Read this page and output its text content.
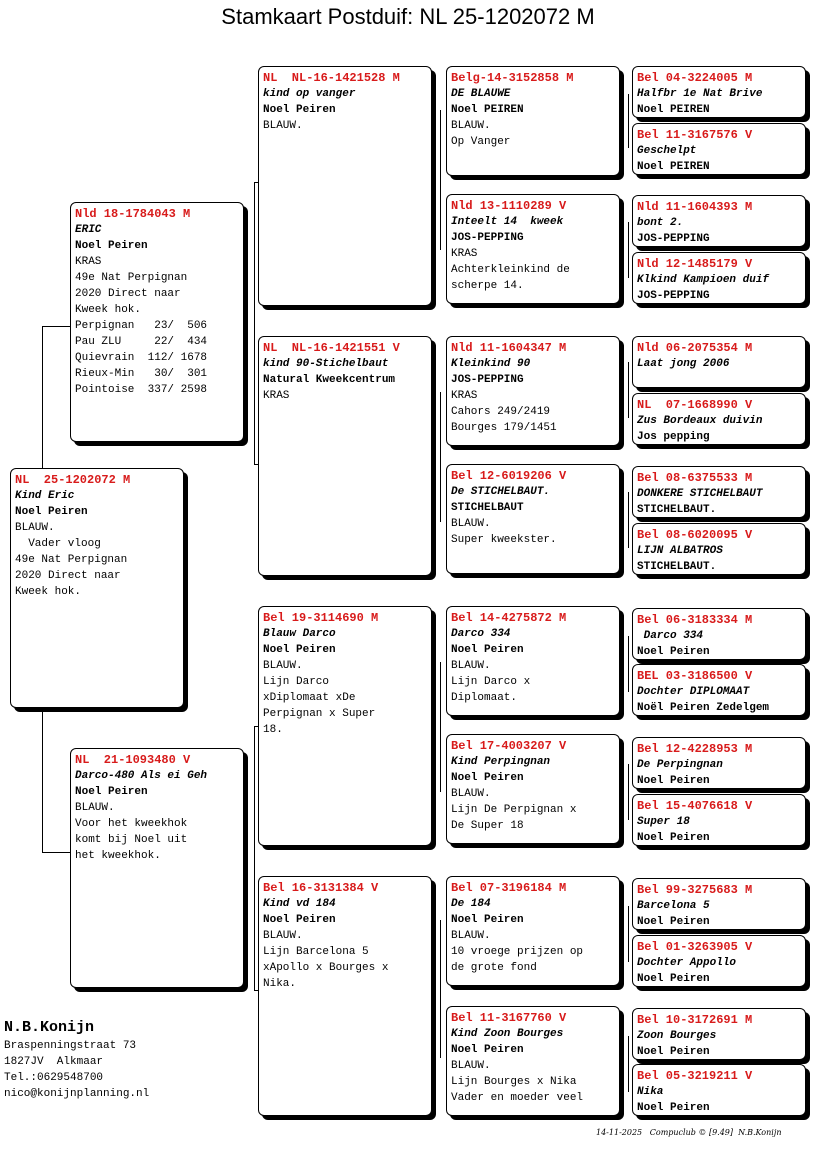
Stamkaart Postduif: NL 25-1202072 M
NL  25-1202072 M
Kind Eric
Noel Peiren
BLAUW.
Vader vloog
49e Nat Perpignan
2020 Direct naar
Kweek hok.
Nld 18-1784043 M
ERIC
Noel Peiren
KRAS
49e Nat Perpignan
2020 Direct naar
Kweek hok.
Perpignan   23/  506
Pau ZLU     22/  434
Quievrain  112/ 1678
Rieux-Min   30/  301
Pointoise  337/ 2598
NL  21-1093480 V
Darco-480 Als ei Geh
Noel Peiren
BLAUW.
Voor het kweekhok
komt bij Noel uit
het kweekhok.
NL  NL-16-1421528 M
kind op vanger
Noel Peiren
BLAUW.
NL  NL-16-1421551 V
kind 90-Stichelbaut
Natural Kweekcentrum
KRAS
Bel 19-3114690 M
Blauw Darco
Noel Peiren
BLAUW.
Lijn Darco
xDiplomaat xDe
Perpignan x Super
18.
Bel 16-3131384 V
Kind vd 184
Noel Peiren
BLAUW.
Lijn Barcelona 5
xApollo x Bourges x
Nika.
Belg-14-3152858 M
DE BLAUWE
Noel PEIREN
BLAUW.
Op Vanger
Nld 13-1110289 V
Inteelt 14  kweek
JOS-PEPPING
KRAS
Achterkleinkind de
scherpe 14.
Nld 11-1604347 M
Kleinkind 90
JOS-PEPPING
KRAS
Cahors 249/2419
Bourges 179/1451
Bel 12-6019206 V
De STICHELBAUT.
STICHELBAUT
BLAUW.
Super kweekster.
Bel 14-4275872 M
Darco 334
Noel Peiren
BLAUW.
Lijn Darco x
Diplomaat.
Bel 17-4003207 V
Kind Perpingnan
Noel Peiren
BLAUW.
Lijn De Perpignan x
De Super 18
Bel 07-3196184 M
De 184
Noel Peiren
BLAUW.
10 vroege prijzen op
de grote fond
Bel 11-3167760 V
Kind Zoon Bourges
Noel Peiren
BLAUW.
Lijn Bourges x Nika
Vader en moeder veel
Bel 04-3224005 M
Halfbr 1e Nat Brive
Noel PEIREN
Bel 11-3167576 V
Geschelpt
Noel PEIREN
Nld 11-1604393 M
bont 2.
JOS-PEPPING
Nld 12-1485179 V
Klkind Kampioen duif
JOS-PEPPING
Nld 06-2075354 M
Laat jong 2006
NL  07-1668990 V
Zus Bordeaux duivin
Jos pepping
Bel 08-6375533 M
DONKERE STICHELBAUT
STICHELBAUT.
Bel 08-6020095 V
LIJN ALBATROS
STICHELBAUT.
Bel 06-3183334 M
Darco 334
Noel Peiren
BEL 03-3186500 V
Dochter DIPLOMAAT
Noël Peiren Zedelgem
Bel 12-4228953 M
De Perpingnan
Noel Peiren
Bel 15-4076618 V
Super 18
Noel Peiren
Bel 99-3275683 M
Barcelona 5
Noel Peiren
Bel 01-3263905 V
Dochter Appollo
Noel Peiren
Bel 10-3172691 M
Zoon Bourges
Noel Peiren
Bel 05-3219211 V
Nika
Noel Peiren
N.B.Konijn
Braspenningstraat 73
1827JV  Alkmaar
Tel.:0629548700
nico@konijnplanning.nl
14-11-2025   Compuclub © [9.49]  N.B.Konijn
